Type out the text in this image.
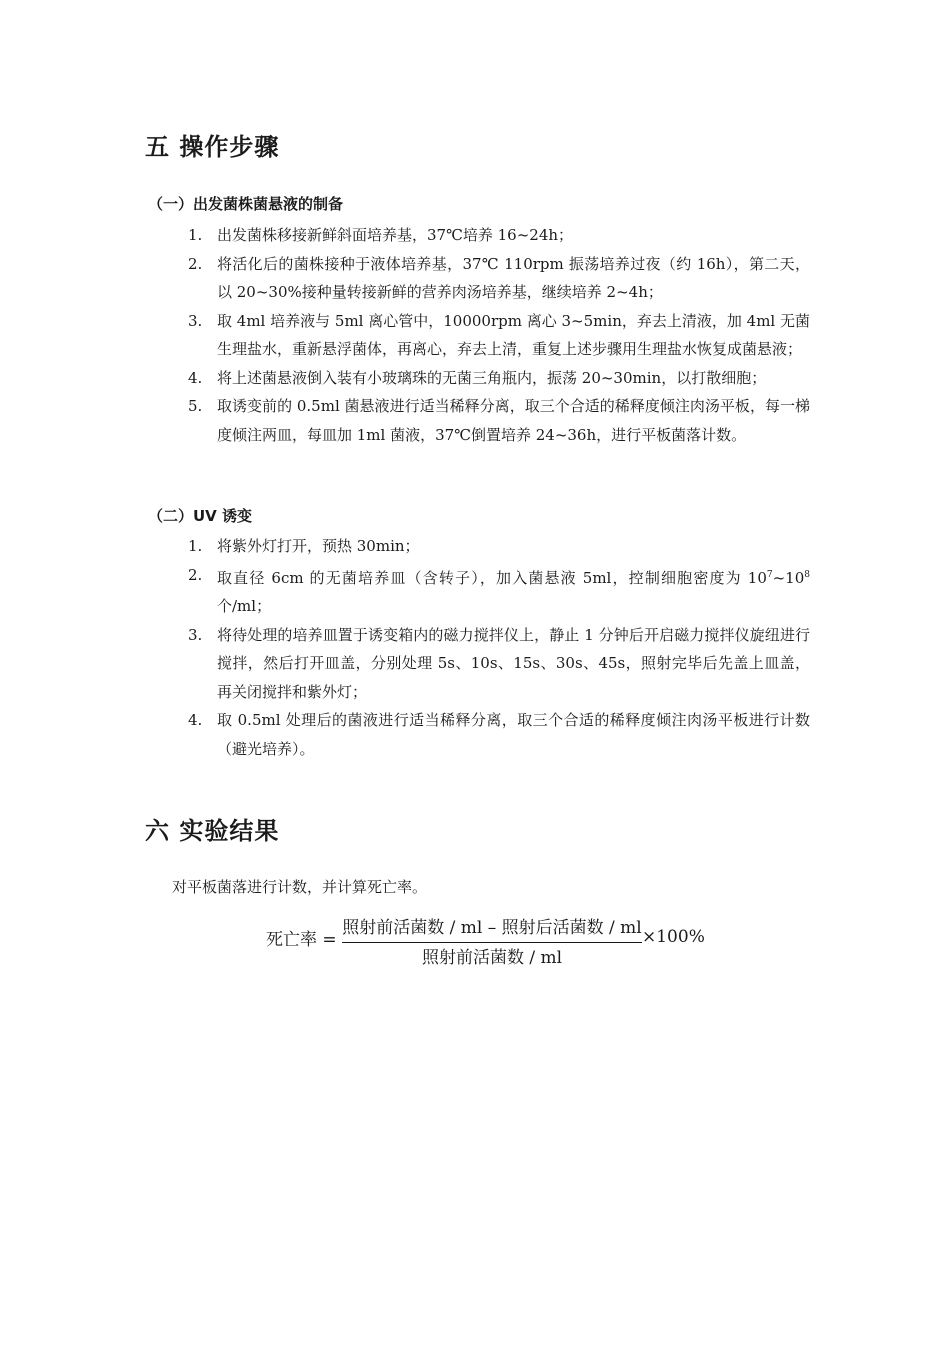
五 操作步骤
（一）出发菌株菌悬液的制备
1. 出发菌株移接新鲜斜面培养基，37℃培养 16~24h；
2. 将活化后的菌株接种于液体培养基，37℃ 110rpm 振荡培养过夜（约 16h），第二天，以 20~30%接种量转接新鲜的营养肉汤培养基，继续培养 2~4h；
3. 取 4ml 培养液与 5ml 离心管中，10000rpm 离心 3~5min，弃去上清液，加 4ml 无菌生理盐水，重新悬浮菌体，再离心，弃去上清，重复上述步骤用生理盐水恢复成菌悬液；
4. 将上述菌悬液倒入装有小玻璃珠的无菌三角瓶内，振荡 20~30min，以打散细胞；
5. 取诱变前的 0.5ml 菌悬液进行适当稀释分离，取三个合适的稀释度倾注肉汤平板，每一梯度倾注两皿，每皿加 1ml 菌液，37℃倒置培养 24~36h，进行平板菌落计数。
（二）UV 诱变
1. 将紫外灯打开，预热 30min；
2. 取直径 6cm 的无菌培养皿（含转子），加入菌悬液 5ml，控制细胞密度为 $10^7\sim 10^8$个/ml；
3. 将待处理的培养皿置于诱变箱内的磁力搅拌仪上，静止 1 分钟后开启磁力搅拌仪旋纽进行搅拌，然后打开皿盖，分别处理 5s、10s、15s、30s、45s，照射完毕后先盖上皿盖，再关闭搅拌和紫外灯；
4. 取 0.5ml 处理后的菌液进行适当稀释分离，取三个合适的稀释度倾注肉汤平板进行计数（避光培养）。
六 实验结果
对平板菌落进行计数，并计算死亡率。
死亡率 =
照射前活菌数 / ml – 照射后活菌数 / ml
照射前活菌数 / ml
×100%
